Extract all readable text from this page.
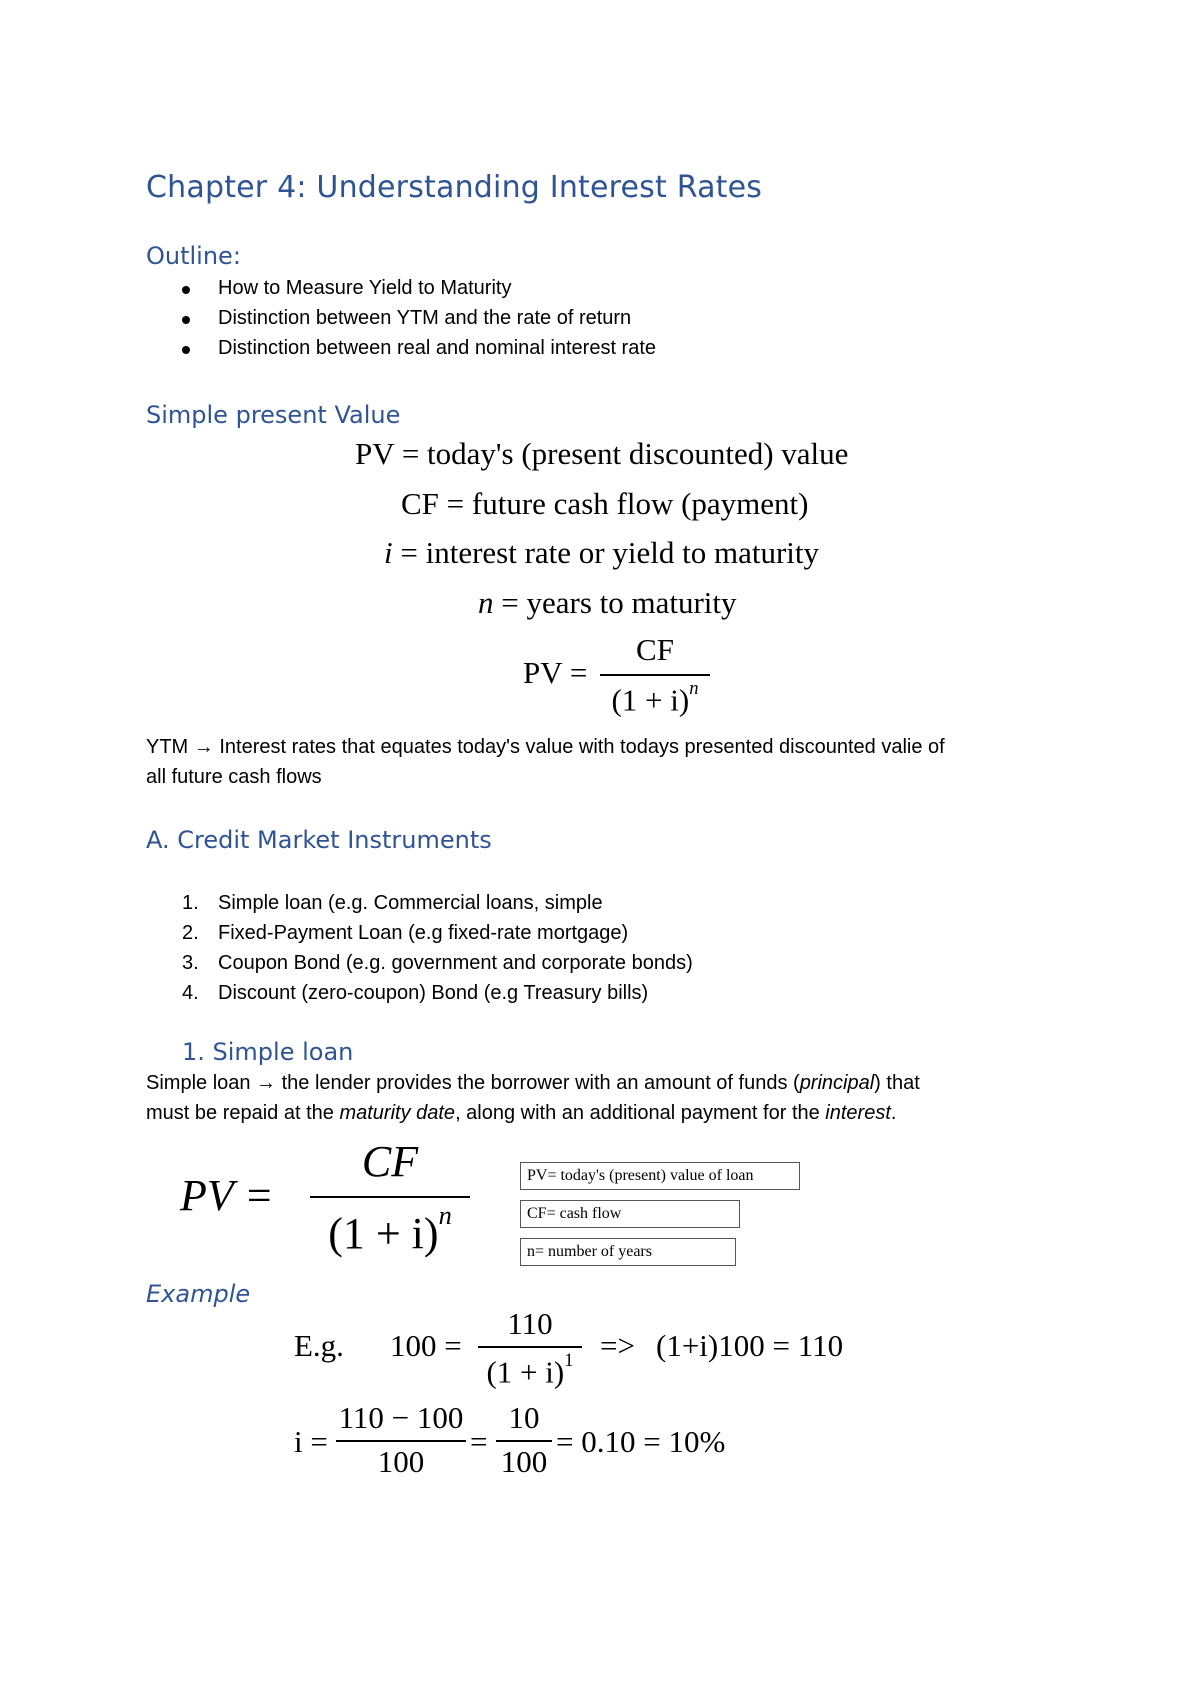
Chapter 4: Understanding Interest Rates
Outline:
How to Measure Yield to Maturity
Distinction between YTM and the rate of return
Distinction between real and nominal interest rate
Simple present Value
PV = today's (present discounted) value
CF = future cash flow (payment)
i = interest rate or yield to maturity
n = years to maturity
PV =
CF
$(1 + i)^n$
YTM → Interest rates that equates today's value with todays presented discounted valie of
all future cash flows
A. Credit Market Instruments
1. Simple loan (e.g. Commercial loans, simple
2. Fixed-Payment Loan (e.g fixed-rate mortgage)
3. Coupon Bond (e.g. government and corporate bonds)
4. Discount (zero-coupon) Bond (e.g Treasury bills)
1. Simple loan
Simple loan → the lender provides the borrower with an amount of funds (principal) that
must be repaid at the maturity date, along with an additional payment for the interest.
PV =
CF
$(1 + i)^n$
PV= today's (present) value of loan
CF= cash flow
n= number of years
Example
E.g. 100 =
110
$(1 + i)^1 => (1+i)100 = 110$
i =
110 − 100
100
=
10
100
= 0.10 = 10%
